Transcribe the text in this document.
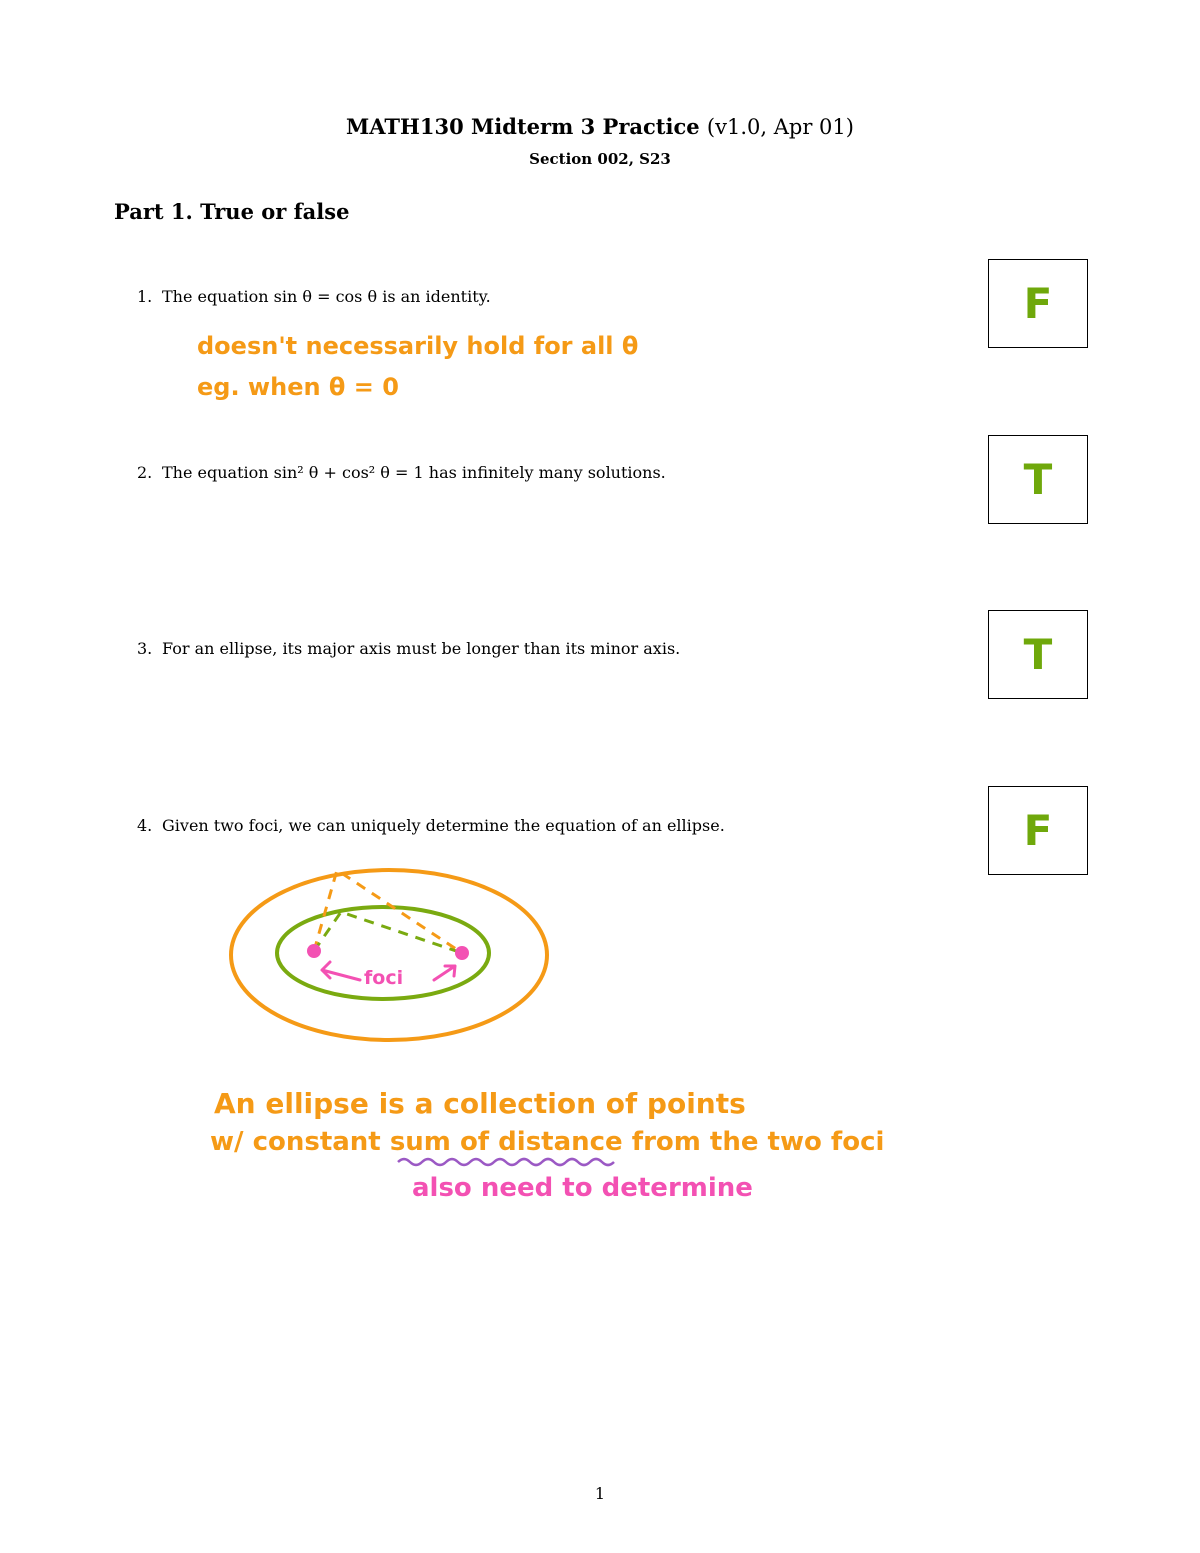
MATH130 Midterm 3 Practice (v1.0, Apr 01)
Section 002, S23
Part 1. True or false
1. The equation sin θ = cos θ is an identity.	F
doesn't necessarily hold for all θ
eg. when θ = 0
2. The equation sin² θ + cos² θ = 1 has infinitely many solutions.	T
3. For an ellipse, its major axis must be longer than its minor axis.	T
4. Given two foci, we can uniquely determine the equation of an ellipse.	F
foci
An ellipse is a collection of points
w/ constant sum of distance from the two foci
also need to determine
1
